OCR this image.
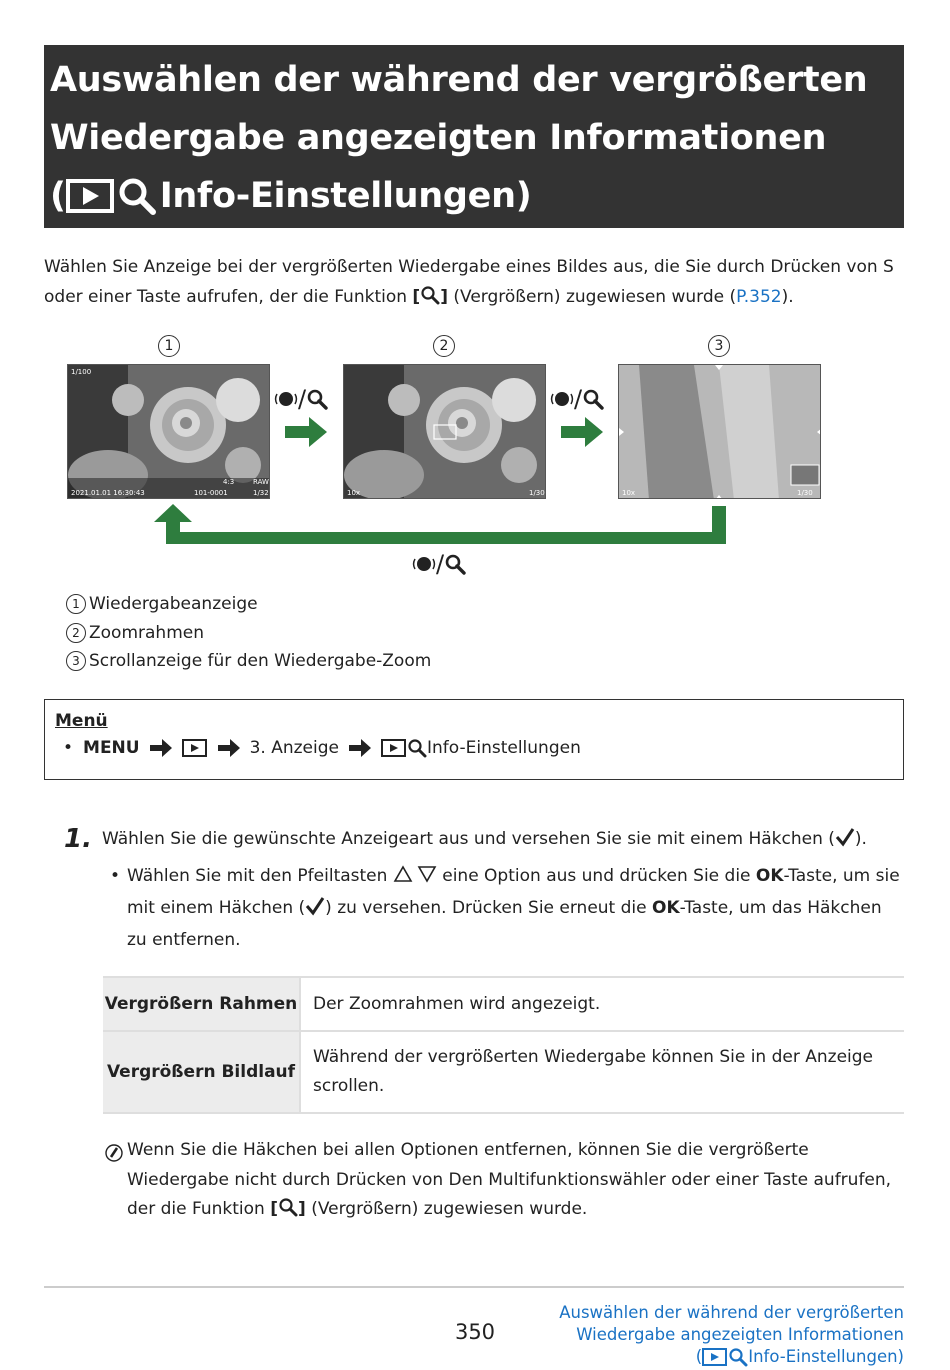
Auswählen der während der vergrößerten
Wiedergabe angezeigten Informationen
(	Info-Einstellungen)
Wählen Sie Anzeige bei der vergrößerten Wiedergabe eines Bildes aus, die Sie durch Drücken von S oder einer Taste aufrufen, der die Funktion [ ] (Vergrößern) zugewiesen wurde (P.352).
1	2	3
1/100
2021.01.01 16:30:43	101-0001	1/32
RAW
4:3
/
10x	1/30
/
10x	1/30
/
1 Wiedergabeanzeige
2 Zoomrahmen
3 Scrollanzeige für den Wiedergabe-Zoom
Menü
• MENU	3. Anzeige	Info-Einstellungen
1. Wählen Sie die gewünschte Anzeigeart aus und versehen Sie sie mit einem Häkchen ( ).
• Wählen Sie mit den Pfeiltasten	eine Option aus und drücken Sie die OK-Taste, um sie mit einem Häkchen ( ) zu versehen. Drücken Sie erneut die OK-Taste, um das Häkchen zu entfernen.
Vergrößern Rahmen	Der Zoomrahmen wird angezeigt.
Vergrößern Bildlauf	Während der vergrößerten Wiedergabe können Sie in der Anzeige scrollen.
Wenn Sie die Häkchen bei allen Optionen entfernen, können Sie die vergrößerte Wiedergabe nicht durch Drücken von Den Multifunktionswähler oder einer Taste aufrufen, der die Funktion [ ] (Vergrößern) zugewiesen wurde.
350
Auswählen der während der vergrößerten
Wiedergabe angezeigten Informationen
(	Info-Einstellungen)
